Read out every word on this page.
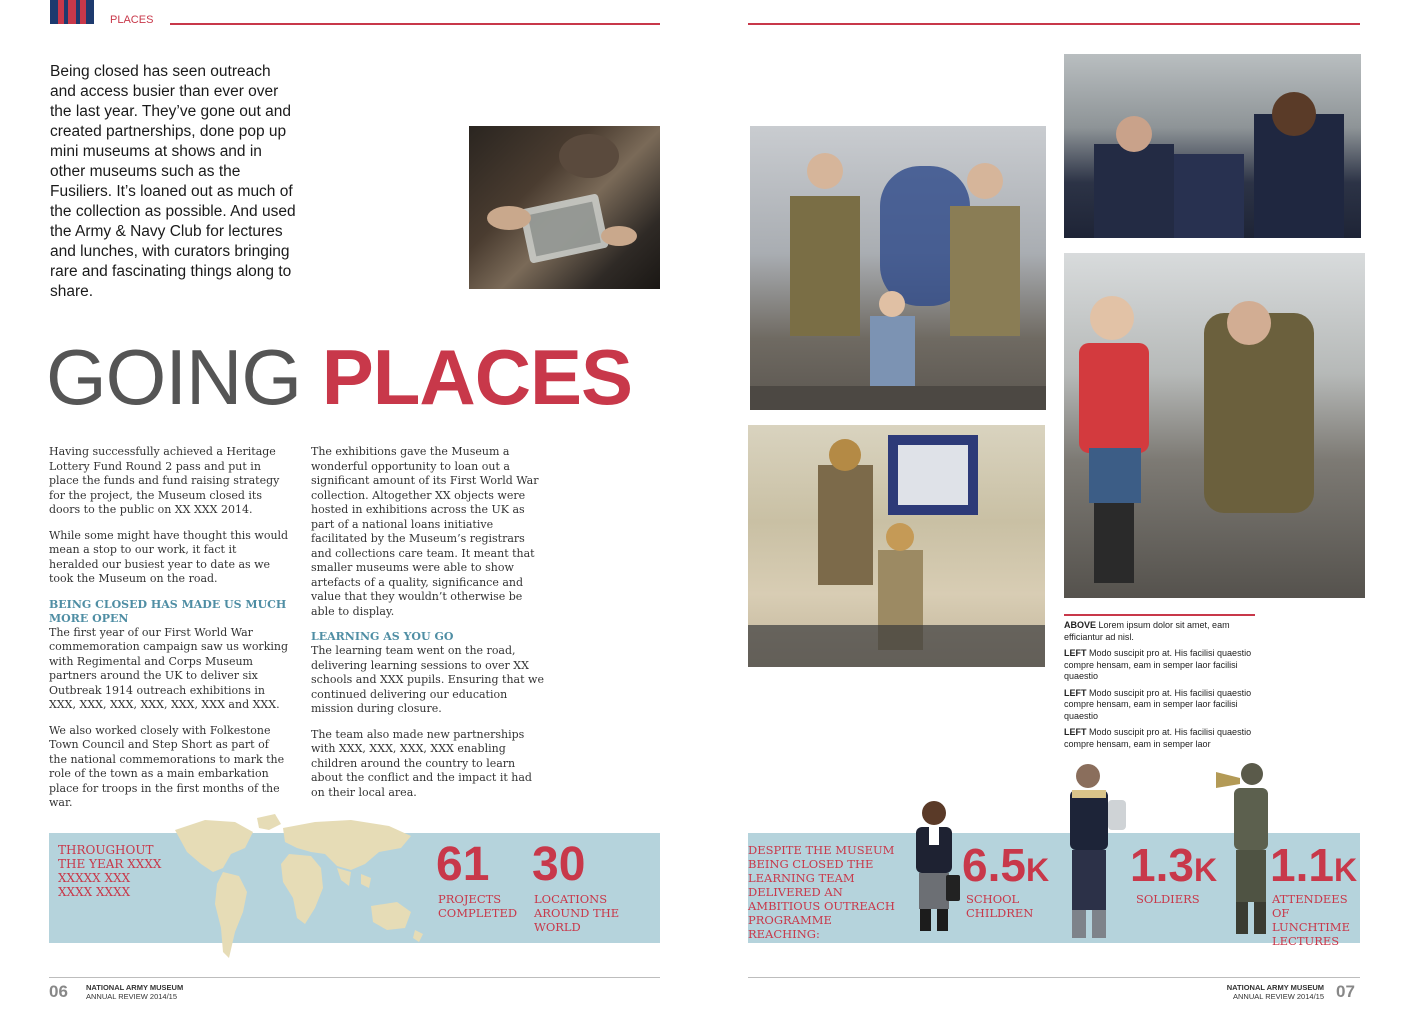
PLACES
Being closed has seen outreach and access busier than ever over the last year. They’ve gone out and created partnerships, done pop up mini museums at shows and in other museums such as the Fusiliers. It’s loaned out as much of the collection as possible. And used the Army & Navy Club for lectures and lunches, with curators bringing rare and fascinating things along to share.
GOING PLACES

Having successfully achieved a Heritage Lottery Fund Round 2 pass and put in place the funds and fund raising strategy for the project, the Museum closed its doors to the public on XX XXX 2014.

While some might have thought this would mean a stop to our work, it fact it heralded our busiest year to date as we took the Museum on the road.

BEING CLOSED HAS MADE US MUCH MORE OPEN

The first year of our First World War commemoration campaign saw us working with Regimental and Corps Museum partners around the UK to deliver six Outbreak 1914 outreach exhibitions in XXX, XXX, XXX, XXX, XXX, XXX and XXX.

We also worked closely with Folkestone Town Council and Step Short as part of the national commemorations to mark the role of the town as a main embarkation place for troops in the first months of the war.

The exhibitions gave the Museum a wonderful opportunity to loan out a significant amount of its First World War collection. Altogether XX objects were hosted in exhibitions across the UK as part of a national loans initiative facilitated by the Museum’s registrars and collections care team. It meant that smaller museums were able to show artefacts of a quality, significance and value that they wouldn’t otherwise be able to display.

LEARNING AS YOU GO

The learning team went on the road, delivering learning sessions to over XX schools and XXX pupils. Ensuring that we continued delivering our education mission during closure.

The team also made new partnerships with XXX, XXX, XXX, XXX enabling children around the country to learn about the conflict and the impact it had on their local area.

ABOVE Lorem ipsum dolor sit amet, eam efficiantur ad nisl.

LEFT Modo suscipit pro at. His facilisi quaestio compre hensam, eam in semper laor facilisi quaestio

LEFT Modo suscipit pro at. His facilisi quaestio compre hensam, eam in semper laor facilisi quaestio

LEFT Modo suscipit pro at. His facilisi quaestio compre hensam, eam in semper laor

THROUGHOUT THE YEAR XXXX XXXXX XXX XXXX XXXX
61
PROJECTS COMPLETED
30
LOCATIONS AROUND THE WORLD
DESPITE THE MUSEUM BEING CLOSED THE LEARNING TEAM DELIVERED AN AMBITIOUS OUTREACH PROGRAMME REACHING:
6.5K
SCHOOL CHILDREN
1.3K
SOLDIERS
1.1K
ATTENDEES OF LUNCHTIME LECTURES
06 NATIONAL ARMY MUSEUM
ANNUAL REVIEW 2014/15
NATIONAL ARMY MUSEUM
ANNUAL REVIEW 2014/15 07
